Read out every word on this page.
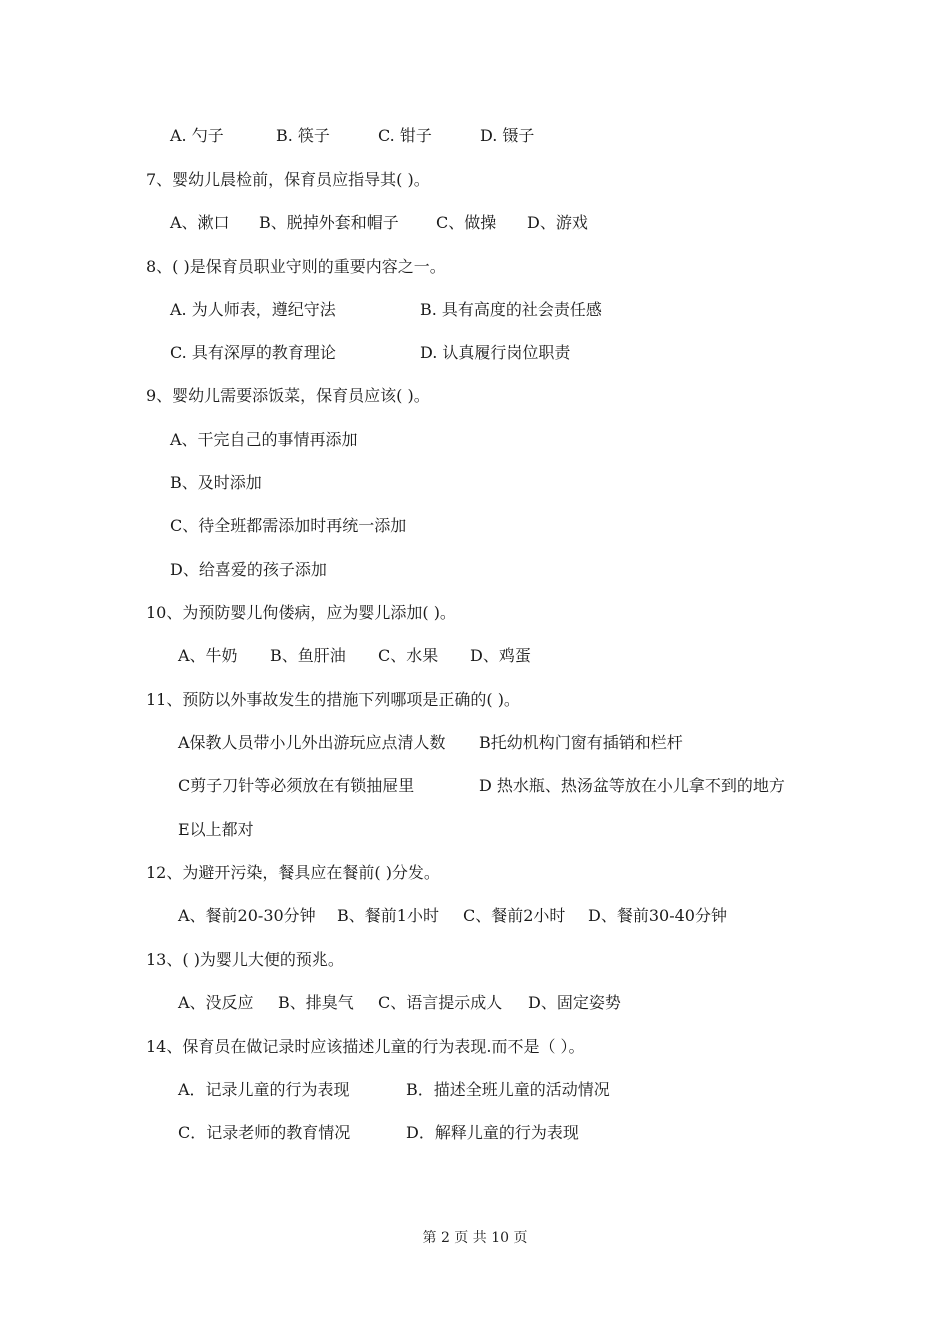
A. 勺子	B. 筷子	C. 钳子	D. 镊子
7、婴幼儿晨检前，保育员应指导其( )。
A、漱口 B、脱掉外套和帽子 C、做操 D、游戏
8、( )是保育员职业守则的重要内容之一。
A. 为人师表，遵纪守法	B. 具有高度的社会责任感
C. 具有深厚的教育理论	D. 认真履行岗位职责
9、婴幼儿需要添饭菜，保育员应该( )。
A、干完自己的事情再添加
B、及时添加
C、待全班都需添加时再统一添加
D、给喜爱的孩子添加
10、为预防婴儿佝偻病，应为婴儿添加( )。
A、牛奶 B、鱼肝油 C、水果 D、鸡蛋
11、预防以外事故发生的措施下列哪项是正确的( )。
A保教人员带小儿外出游玩应点清人数 B托幼机构门窗有插销和栏杆
C剪子刀针等必须放在有锁抽屉里	D 热水瓶、热汤盆等放在小儿拿不到的地方
E以上都对
12、为避开污染，餐具应在餐前( )分发。
A、餐前20-30分钟 B、餐前1小时 C、餐前2小时 D、餐前30-40分钟
13、( )为婴儿大便的预兆。
A、没反应 B、排臭气 C、语言提示成人 D、固定姿势
14、保育员在做记录时应该描述儿童的行为表现.而不是（ ）。
A．记录儿童的行为表现	B．描述全班儿童的活动情况
C．记录老师的教育情况	D．解释儿童的行为表现
第 2 页 共 10 页
